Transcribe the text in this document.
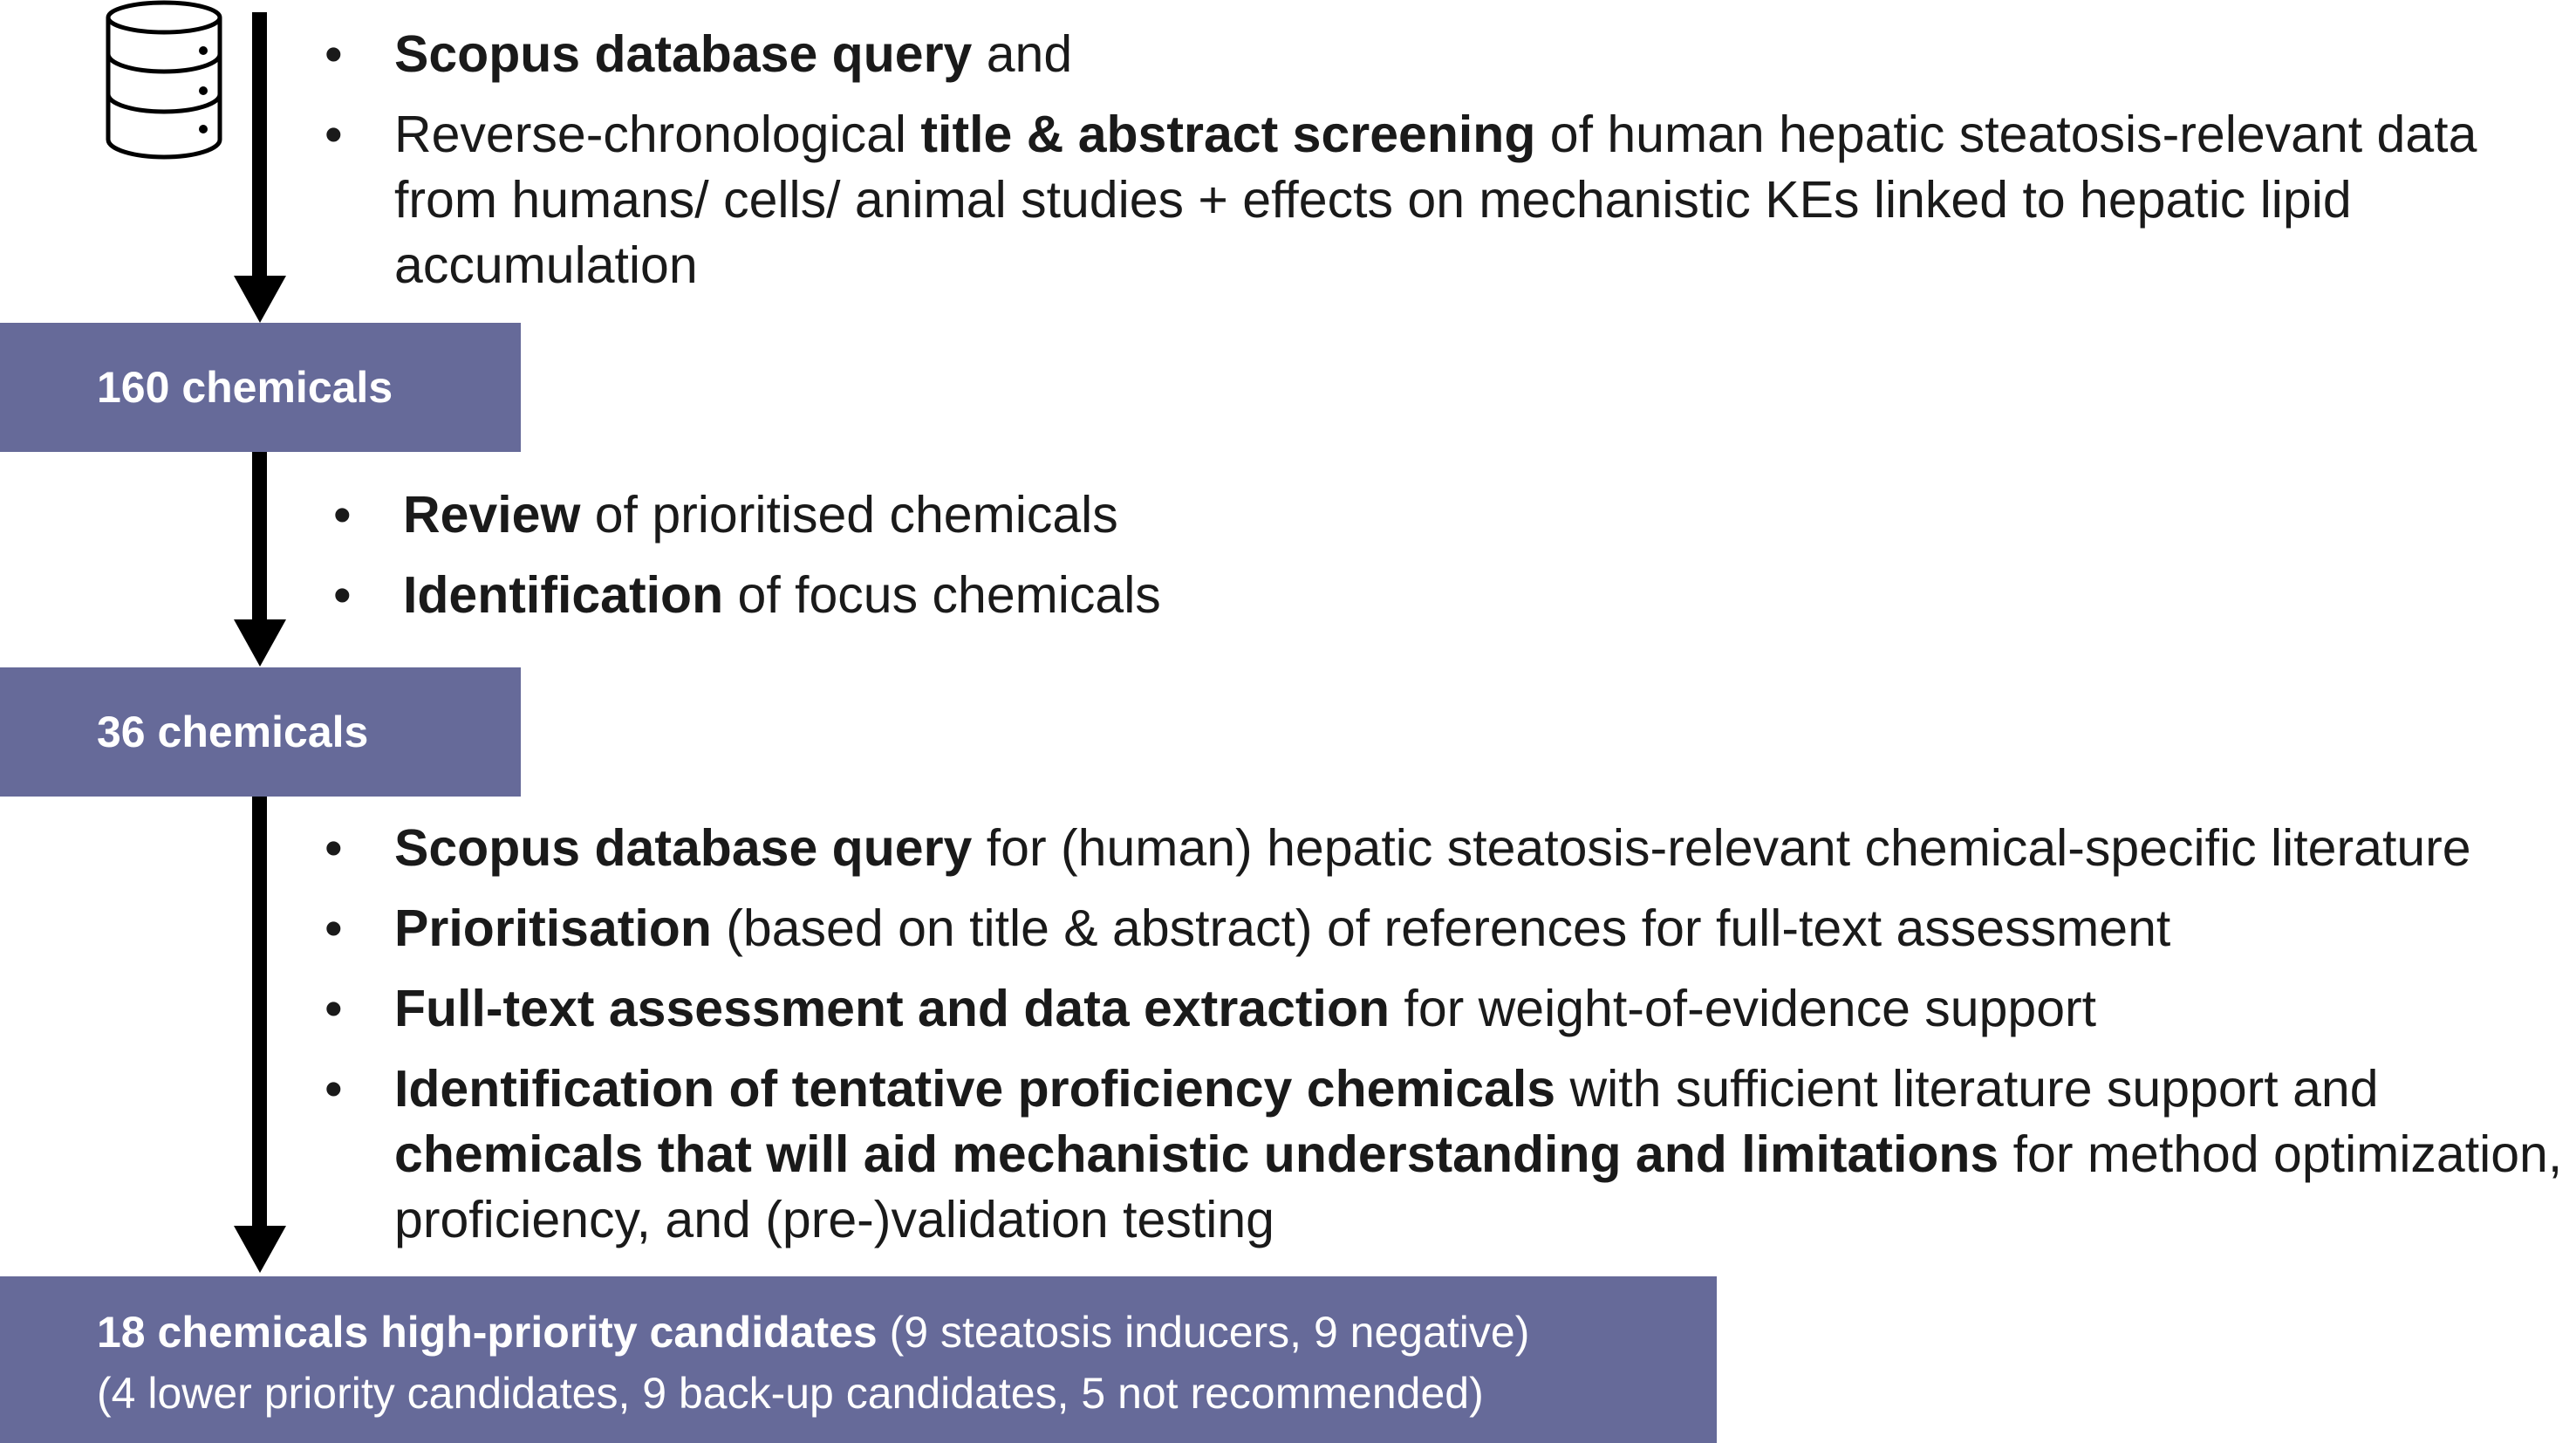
• Scopus database query and
• Reverse-chronological title & abstract screening of human hepatic steatosis-relevant data from humans/ cells/ animal studies + effects on mechanistic KEs linked to hepatic lipid accumulation
160 chemicals
• Review of prioritised chemicals
• Identification of focus chemicals
36 chemicals
• Scopus database query for (human) hepatic steatosis-relevant chemical-specific literature
• Prioritisation (based on title & abstract) of references for full-text assessment
• Full-text assessment and data extraction for weight-of-evidence support
• Identification of tentative proficiency chemicals with sufficient literature support and chemicals that will aid mechanistic understanding and limitations for method optimization, proficiency, and (pre-)validation testing
18 chemicals high-priority candidates (9 steatosis inducers, 9 negative)
(4 lower priority candidates, 9 back-up candidates, 5 not recommended)
